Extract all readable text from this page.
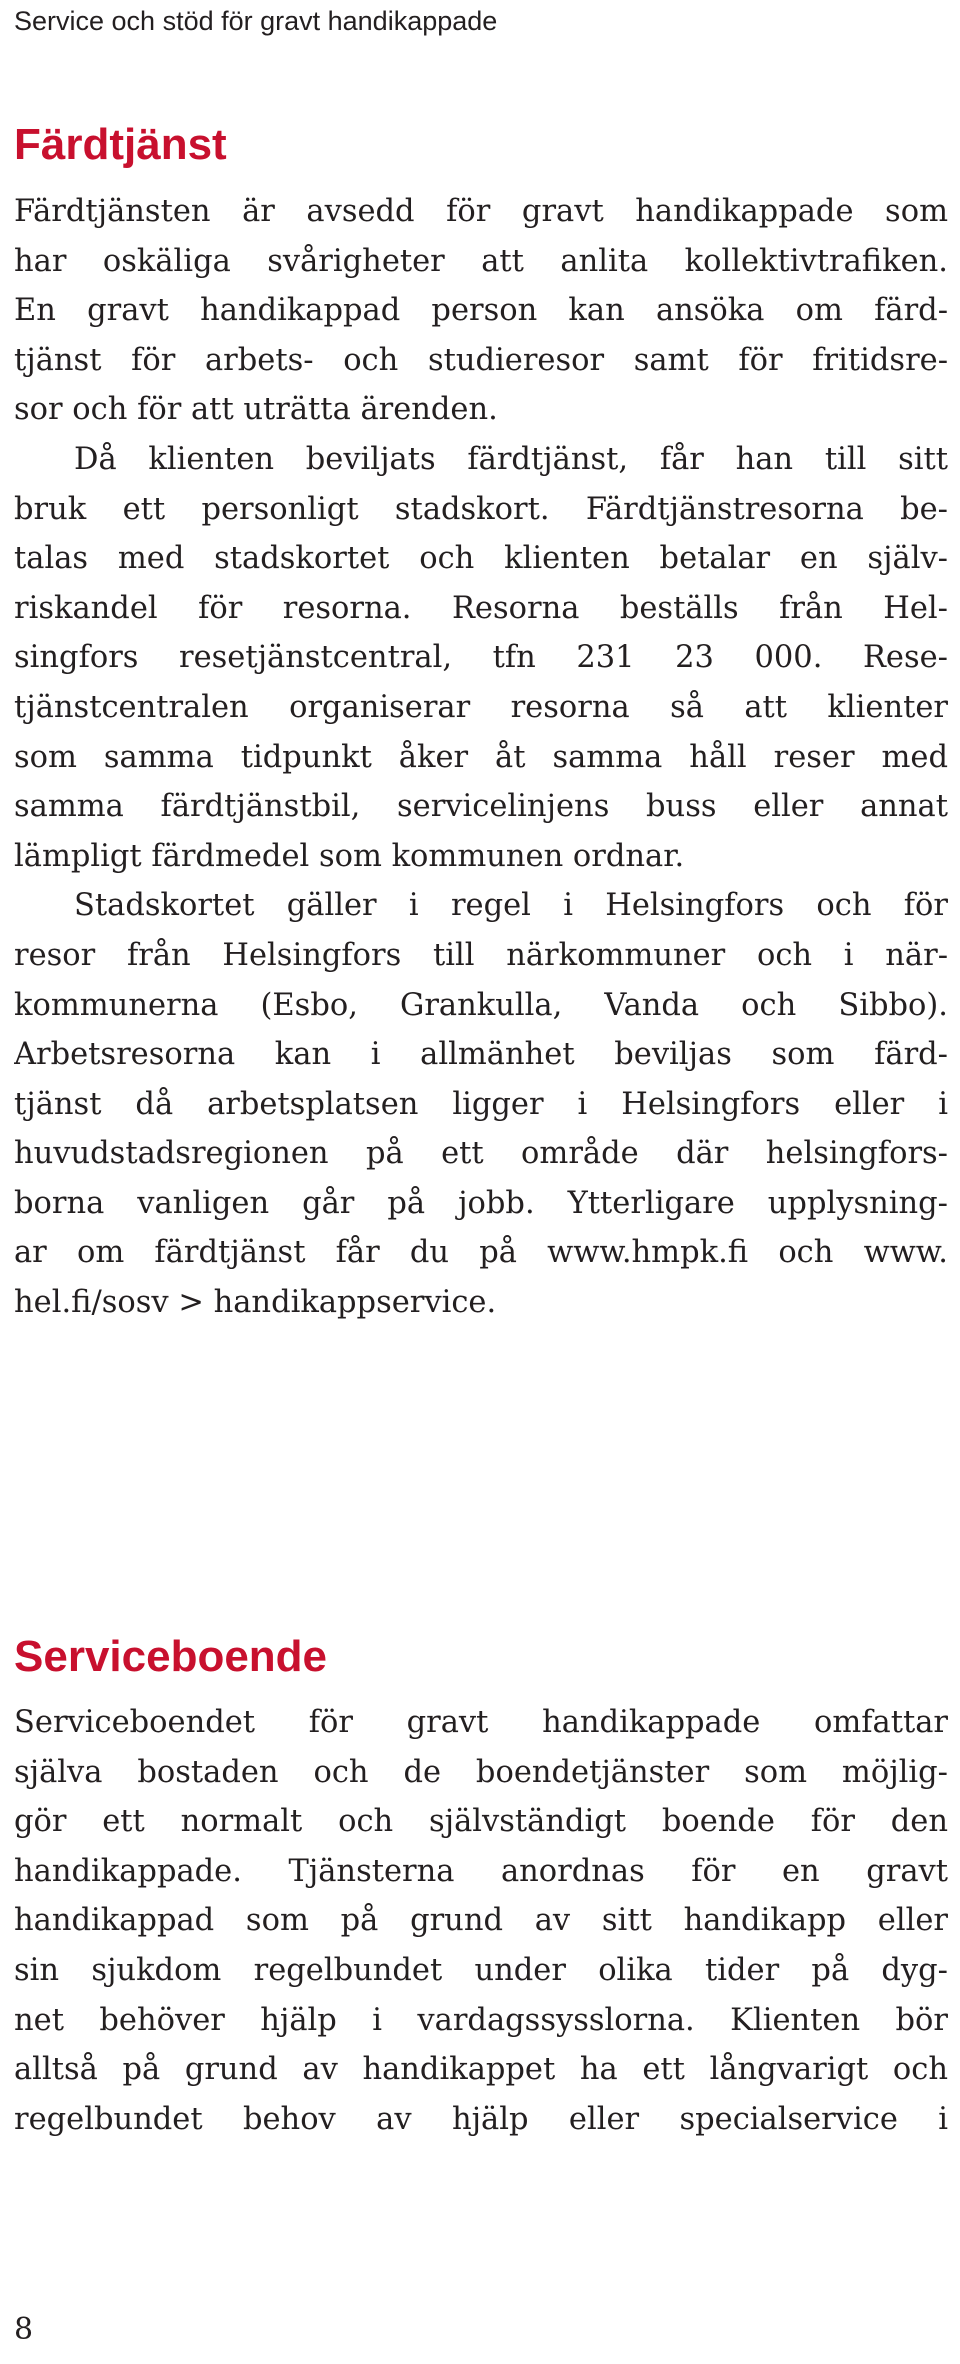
Service och stöd för gravt handikappade
Färdtjänst
Färdtjänsten är avsedd för gravt handikappade som
har oskäliga svårigheter att anlita kollektivtrafiken.
En gravt handikappad person kan ansöka om färd-
tjänst för arbets- och studieresor samt för fritidsre-
sor och för att uträtta ärenden.
Då klienten beviljats färdtjänst, får han till sitt
bruk ett personligt stadskort. Färdtjänstresorna be-
talas med stadskortet och klienten betalar en själv-
riskandel för resorna. Resorna beställs från Hel-
singfors resetjänstcentral, tfn 231 23 000. Rese-
tjänstcentralen organiserar resorna så att klienter
som samma tidpunkt åker åt samma håll reser med
samma färdtjänstbil, servicelinjens buss eller annat
lämpligt färdmedel som kommunen ordnar.
Stadskortet gäller i regel i Helsingfors och för
resor från Helsingfors till närkommuner och i när-
kommunerna (Esbo, Grankulla, Vanda och Sibbo).
Arbetsresorna kan i allmänhet beviljas som färd-
tjänst då arbetsplatsen ligger i Helsingfors eller i
huvudstadsregionen på ett område där helsingfors-
borna vanligen går på jobb. Ytterligare upplysning-
ar om färdtjänst får du på www.hmpk.fi och www.
hel.fi/sosv > handikappservice.
Serviceboende
Serviceboendet för gravt handikappade omfattar
själva bostaden och de boendetjänster som möjlig-
gör ett normalt och självständigt boende för den
handikappade. Tjänsterna anordnas för en gravt
handikappad som på grund av sitt handikapp eller
sin sjukdom regelbundet under olika tider på dyg-
net behöver hjälp i vardagssysslorna. Klienten bör
alltså på grund av handikappet ha ett långvarigt och
regelbundet behov av hjälp eller specialservice i
8
